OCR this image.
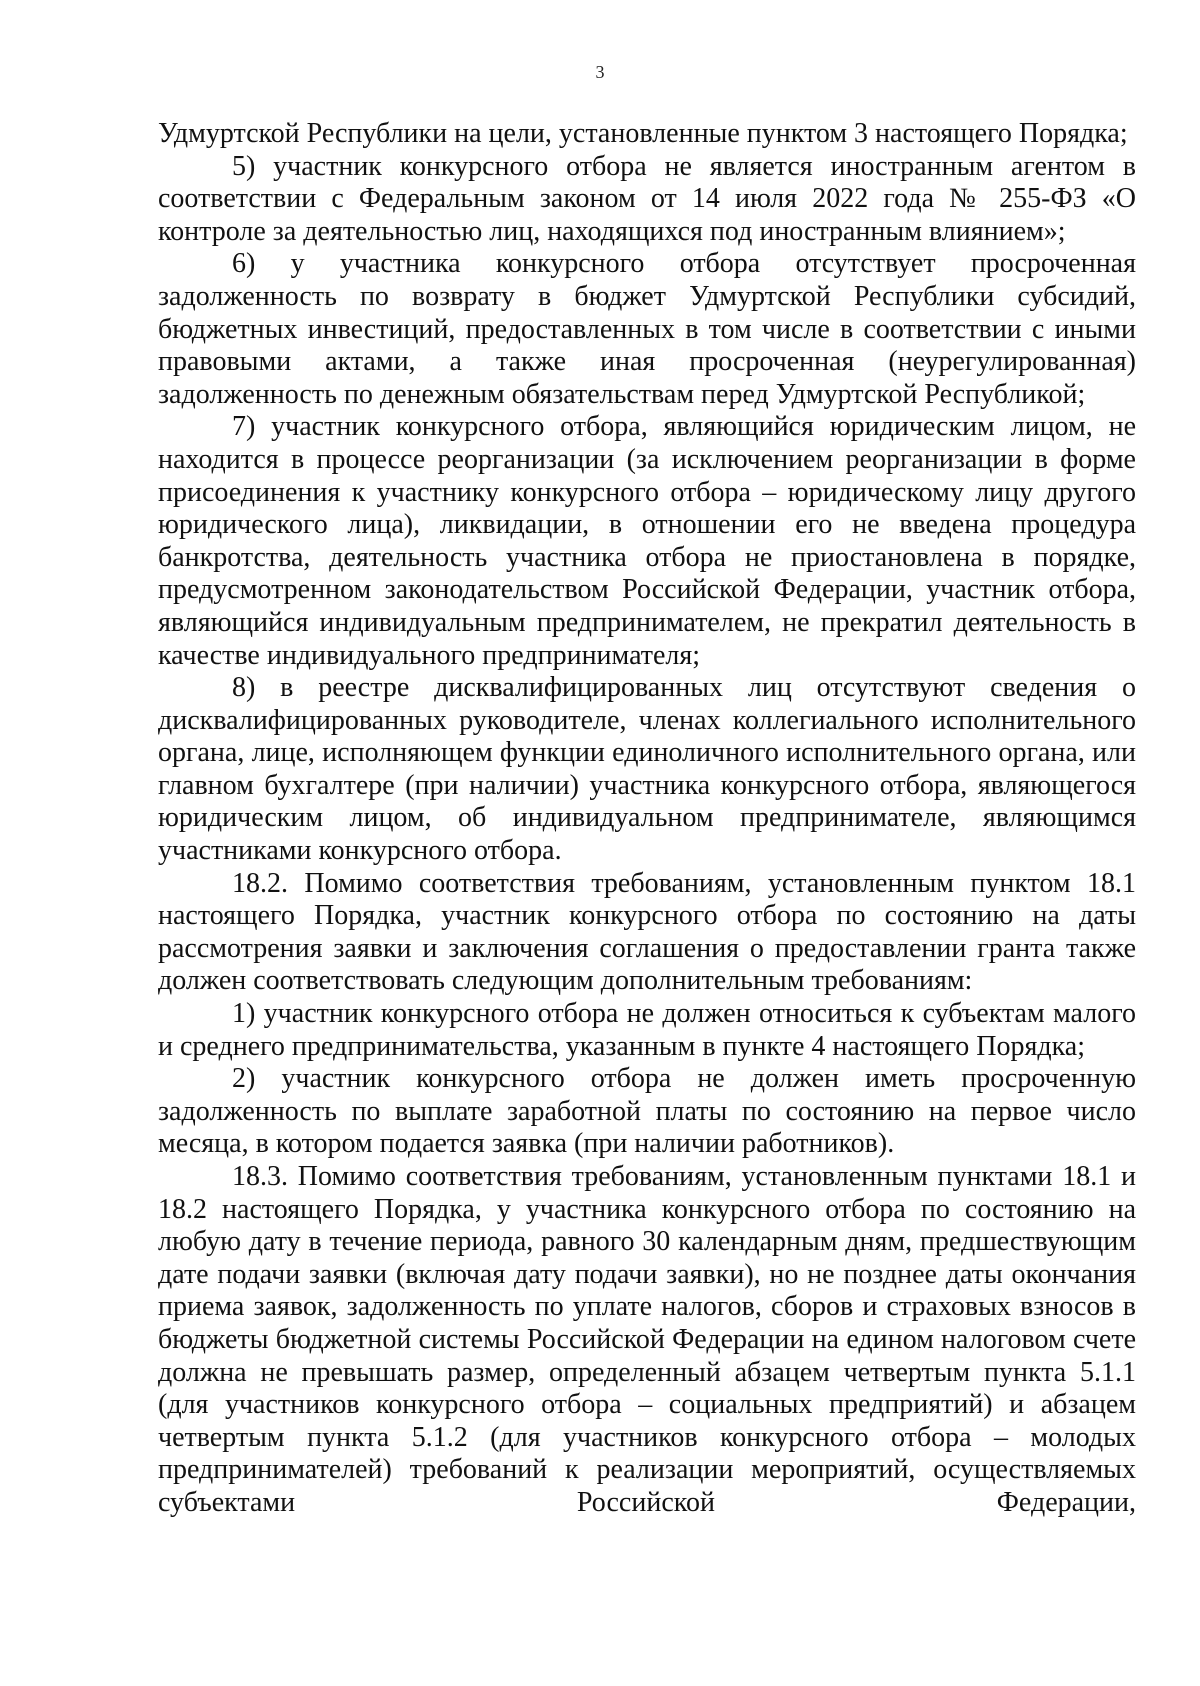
3

Удмуртской Республики на цели, установленные пунктом 3 настоящего Порядка;

5) участник конкурсного отбора не является иностранным агентом в соответствии с Федеральным законом от 14 июля 2022 года № 255-ФЗ «О контроле за деятельностью лиц, находящихся под иностранным влиянием»;

6) у участника конкурсного отбора отсутствует просроченная задолженность по возврату в бюджет Удмуртской Республики субсидий, бюджетных инвестиций, предоставленных в том числе в соответствии с иными правовыми актами, а также иная просроченная (неурегулированная) задолженность по денежным обязательствам перед Удмуртской Республикой;

7) участник конкурсного отбора, являющийся юридическим лицом, не находится в процессе реорганизации (за исключением реорганизации в форме присоединения к участнику конкурсного отбора – юридическому лицу другого юридического лица), ликвидации, в отношении его не введена процедура банкротства, деятельность участника отбора не приостановлена в порядке, предусмотренном законодательством Российской Федерации, участник отбора, являющийся индивидуальным предпринимателем, не прекратил деятельность в качестве индивидуального предпринимателя;

8) в реестре дисквалифицированных лиц отсутствуют сведения о дисквалифицированных руководителе, членах коллегиального исполнительного органа, лице, исполняющем функции единоличного исполнительного органа, или главном бухгалтере (при наличии) участника конкурсного отбора, являющегося юридическим лицом, об индивидуальном предпринимателе, являющимся участниками конкурсного отбора.

18.2. Помимо соответствия требованиям, установленным пунктом 18.1 настоящего Порядка, участник конкурсного отбора по состоянию на даты рассмотрения заявки и заключения соглашения о предоставлении гранта также должен соответствовать следующим дополнительным требованиям:

1) участник конкурсного отбора не должен относиться к субъектам малого и среднего предпринимательства, указанным в пункте 4 настоящего Порядка;

2) участник конкурсного отбора не должен иметь просроченную задолженность по выплате заработной платы по состоянию на первое число месяца, в котором подается заявка (при наличии работников).

18.3. Помимо соответствия требованиям, установленным пунктами 18.1 и 18.2 настоящего Порядка, у участника конкурсного отбора по состоянию на любую дату в течение периода, равного 30 календарным дням, предшествующим дате подачи заявки (включая дату подачи заявки), но не позднее даты окончания приема заявок, задолженность по уплате налогов, сборов и страховых взносов в бюджеты бюджетной системы Российской Федерации на едином налоговом счете должна не превышать размер, определенный абзацем четвертым пункта 5.1.1 (для участников конкурсного отбора – социальных предприятий) и абзацем четвертым пункта 5.1.2 (для участников конкурсного отбора – молодых предпринимателей) требований к реализации мероприятий, осуществляемых субъектами Российской Федерации,
